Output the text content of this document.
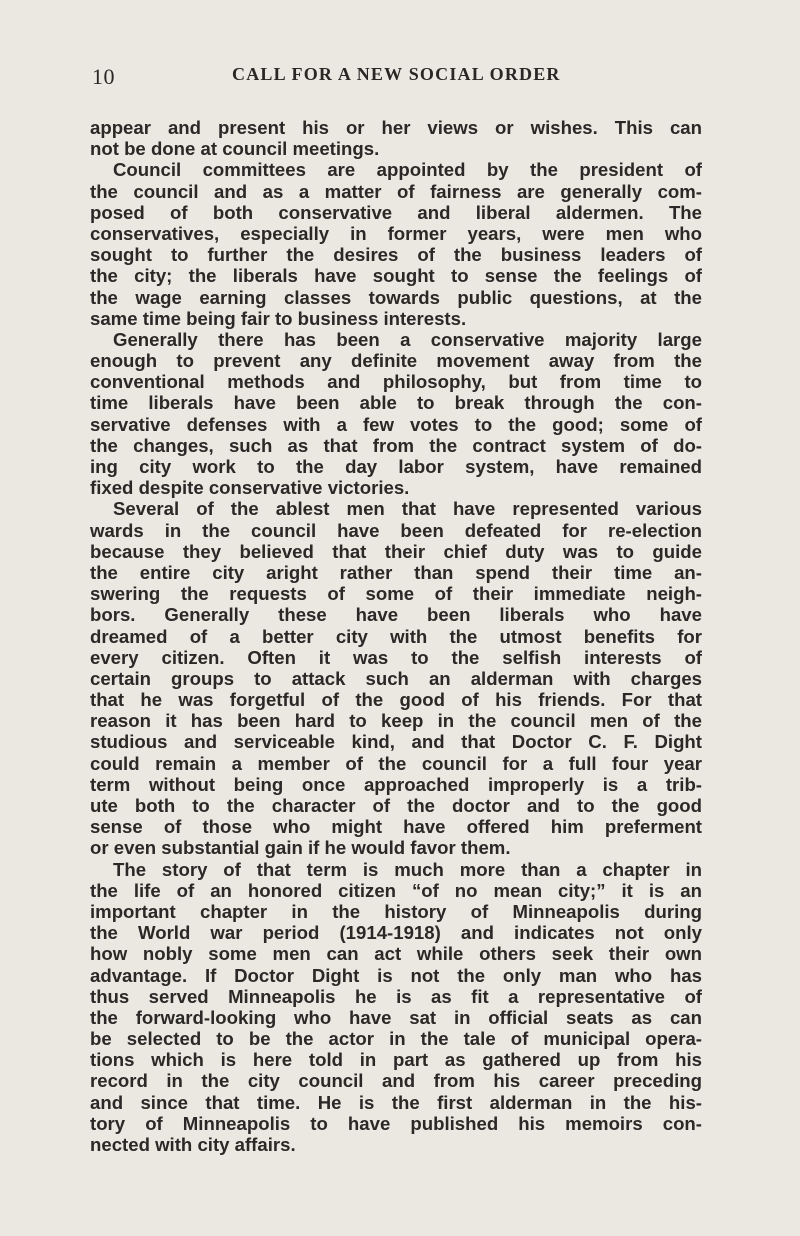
10	CALL FOR A NEW SOCIAL ORDER
appear and present his or her views or wishes. This can
not be done at council meetings.
Council committees are appointed by the president of
the council and as a matter of fairness are generally com-
posed of both conservative and liberal aldermen. The
conservatives, especially in former years, were men who
sought to further the desires of the business leaders of
the city; the liberals have sought to sense the feelings of
the wage earning classes towards public questions, at the
same time being fair to business interests.
Generally there has been a conservative majority large
enough to prevent any definite movement away from the
conventional methods and philosophy, but from time to
time liberals have been able to break through the con-
servative defenses with a few votes to the good; some of
the changes, such as that from the contract system of do-
ing city work to the day labor system, have remained
fixed despite conservative victories.
Several of the ablest men that have represented various
wards in the council have been defeated for re-election
because they believed that their chief duty was to guide
the entire city aright rather than spend their time an-
swering the requests of some of their immediate neigh-
bors. Generally these have been liberals who have
dreamed of a better city with the utmost benefits for
every citizen. Often it was to the selfish interests of
certain groups to attack such an alderman with charges
that he was forgetful of the good of his friends. For that
reason it has been hard to keep in the council men of the
studious and serviceable kind, and that Doctor C. F. Dight
could remain a member of the council for a full four year
term without being once approached improperly is a trib-
ute both to the character of the doctor and to the good
sense of those who might have offered him preferment
or even substantial gain if he would favor them.
The story of that term is much more than a chapter in
the life of an honored citizen “of no mean city;” it is an
important chapter in the history of Minneapolis during
the World war period (1914-1918) and indicates not only
how nobly some men can act while others seek their own
advantage. If Doctor Dight is not the only man who has
thus served Minneapolis he is as fit a representative of
the forward-looking who have sat in official seats as can
be selected to be the actor in the tale of municipal opera-
tions which is here told in part as gathered up from his
record in the city council and from his career preceding
and since that time. He is the first alderman in the his-
tory of Minneapolis to have published his memoirs con-
nected with city affairs.
